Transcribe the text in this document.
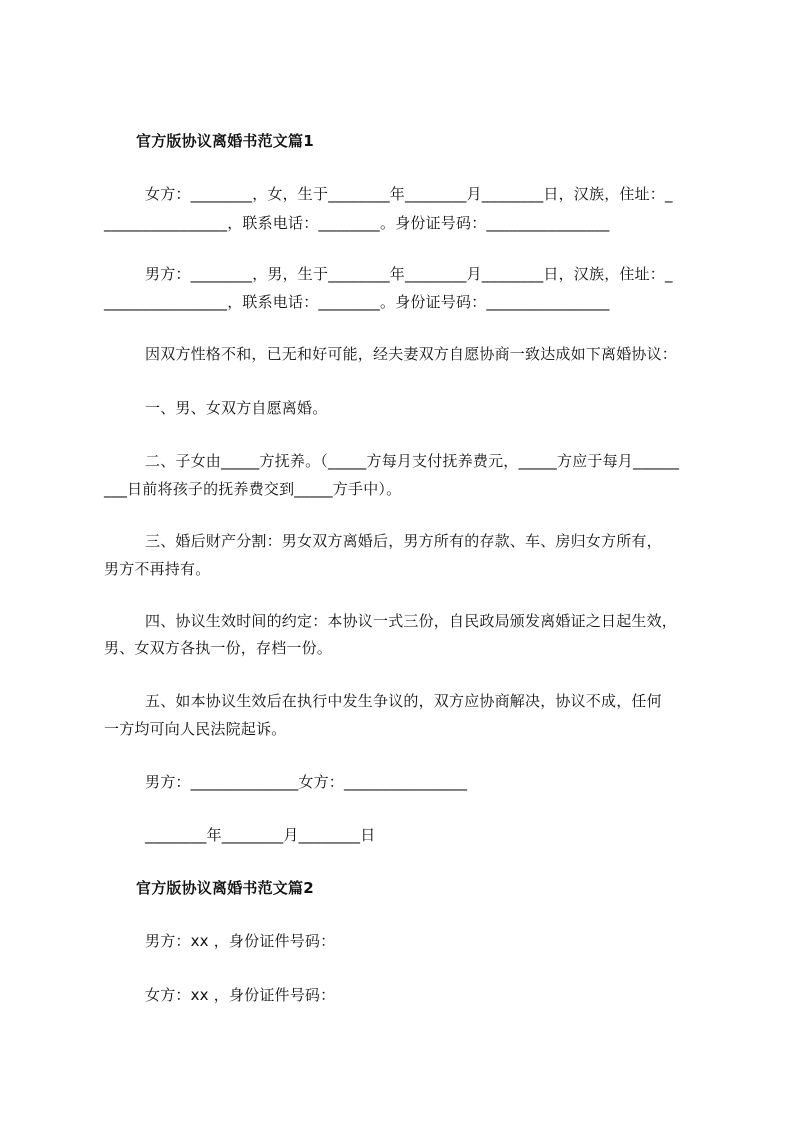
官方版协议离婚书范文篇1
女方：________，女，生于________年________月________日，汉族，住址：_
________________，联系电话：________。身份证号码：________________
男方：________，男，生于________年________月________日，汉族，住址：_
________________，联系电话：________。身份证号码：________________
因双方性格不和，已无和好可能，经夫妻双方自愿协商一致达成如下离婚协议：
一、男、女双方自愿离婚。
二、子女由_____方抚养。（_____方每月支付抚养费元，_____方应于每月______
___日前将孩子的抚养费交到_____方手中）。
三、婚后财产分割：男女双方离婚后，男方所有的存款、车、房归女方所有，
男方不再持有。
四、协议生效时间的约定：本协议一式三份，自民政局颁发离婚证之日起生效，
男、女双方各执一份，存档一份。
五、如本协议生效后在执行中发生争议的，双方应协商解决，协议不成，任何
一方均可向人民法院起诉。
男方：______________女方：________________
________年________月________日
官方版协议离婚书范文篇2
男方：xx ，身份证件号码：
女方：xx ，身份证件号码：
